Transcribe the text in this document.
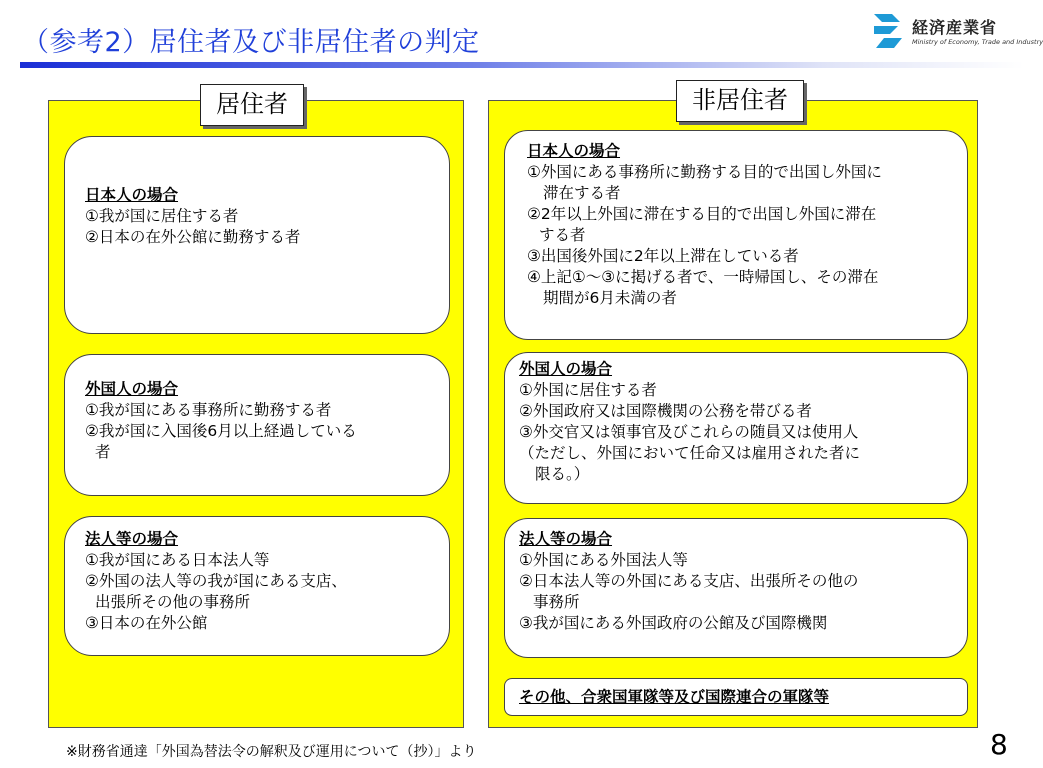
（参考2）居住者及び非居住者の判定	経済産業省
Ministry of Economy, Trade and Industry
居住者	非居住者
日本人の場合
①我が国に居住する者
②日本の在外公館に勤務する者
外国人の場合
①我が国にある事務所に勤務する者
②我が国に入国後6月以上経過している
者
法人等の場合
①我が国にある日本法人等
②外国の法人等の我が国にある支店、
出張所その他の事務所
③日本の在外公館
日本人の場合
①外国にある事務所に勤務する目的で出国し外国に
滞在する者
②2年以上外国に滞在する目的で出国し外国に滞在
する者
③出国後外国に2年以上滞在している者
④上記①～③に掲げる者で、一時帰国し、その滞在
期間が6月未満の者
外国人の場合
①外国に居住する者
②外国政府又は国際機関の公務を帯びる者
③外交官又は領事官及びこれらの随員又は使用人
（ただし、外国において任命又は雇用された者に
限る。）
法人等の場合
①外国にある外国法人等
②日本法人等の外国にある支店、出張所その他の
事務所
③我が国にある外国政府の公館及び国際機関
その他、合衆国軍隊等及び国際連合の軍隊等
※財務省通達「外国為替法令の解釈及び運用について（抄）」より	8
